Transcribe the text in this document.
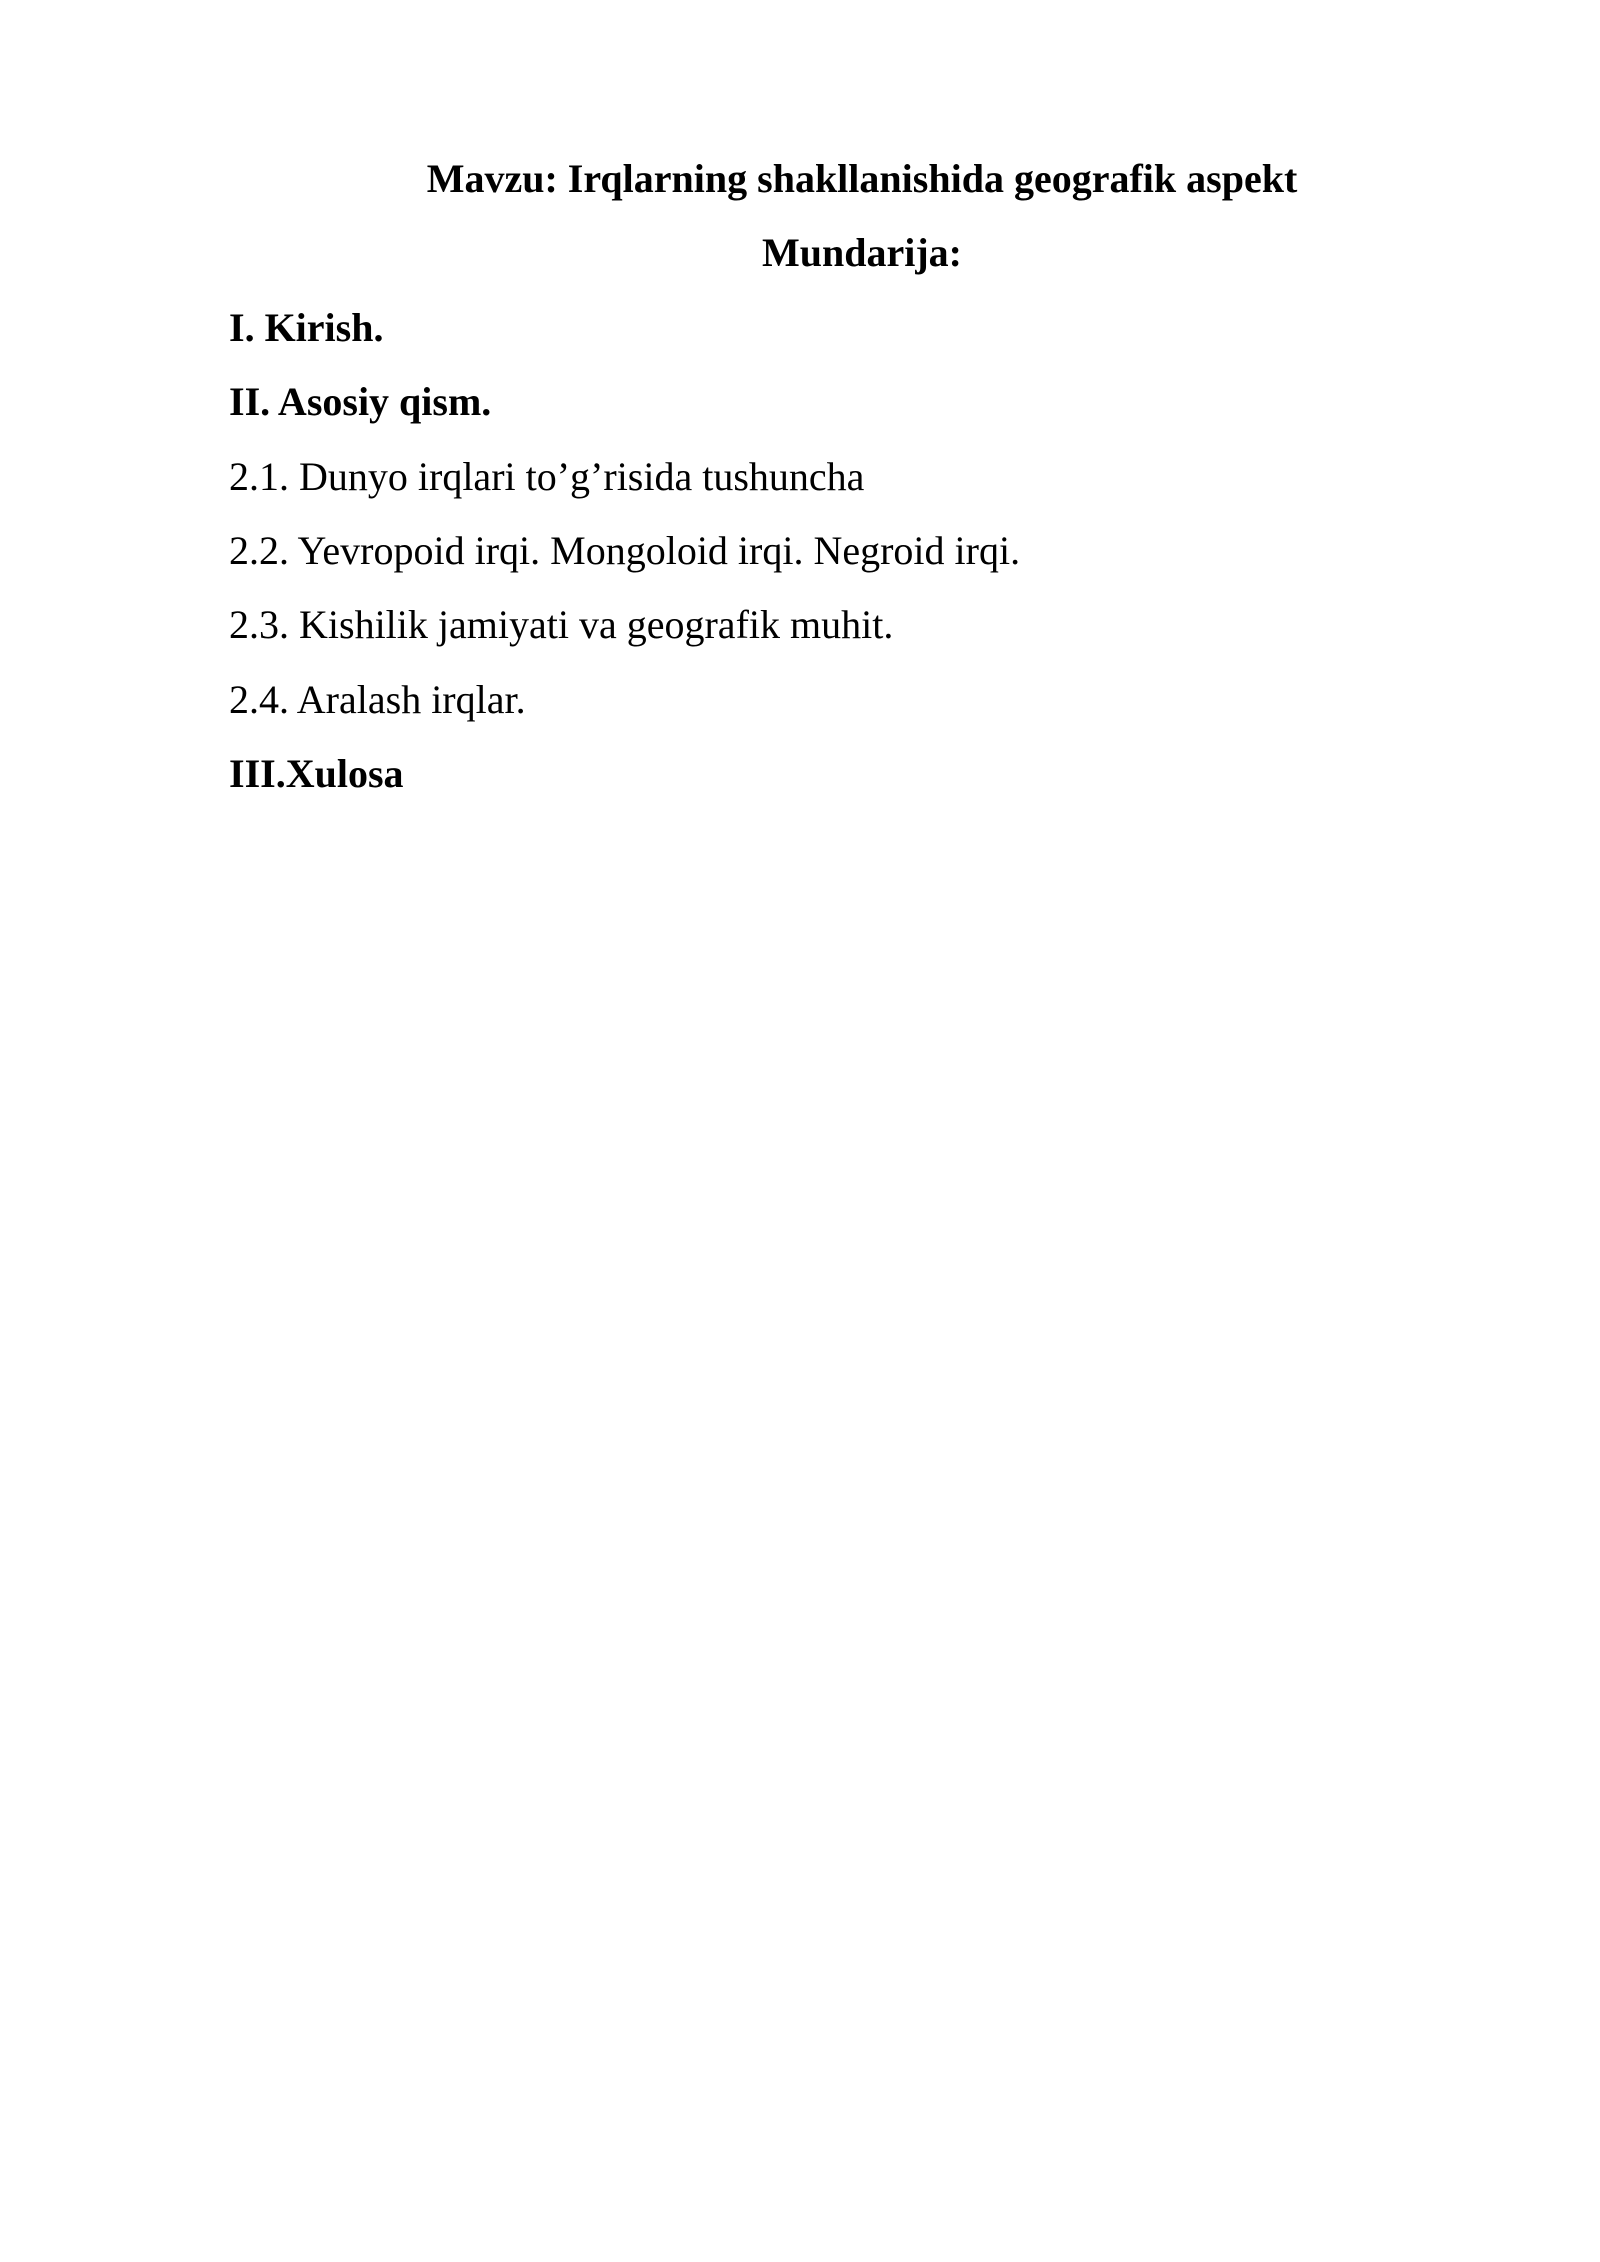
Mavzu: Irqlarning shakllanishida geografik aspekt
Mundarija:
I. Kirish.
II. Asosiy qism.
2.1. Dunyo irqlari to’g’risida tushuncha
2.2. Yevropoid irqi. Mongoloid irqi. Negroid irqi.
2.3. Kishilik jamiyati va geografik muhit.
2.4. Aralash irqlar.
III.Xulosa
